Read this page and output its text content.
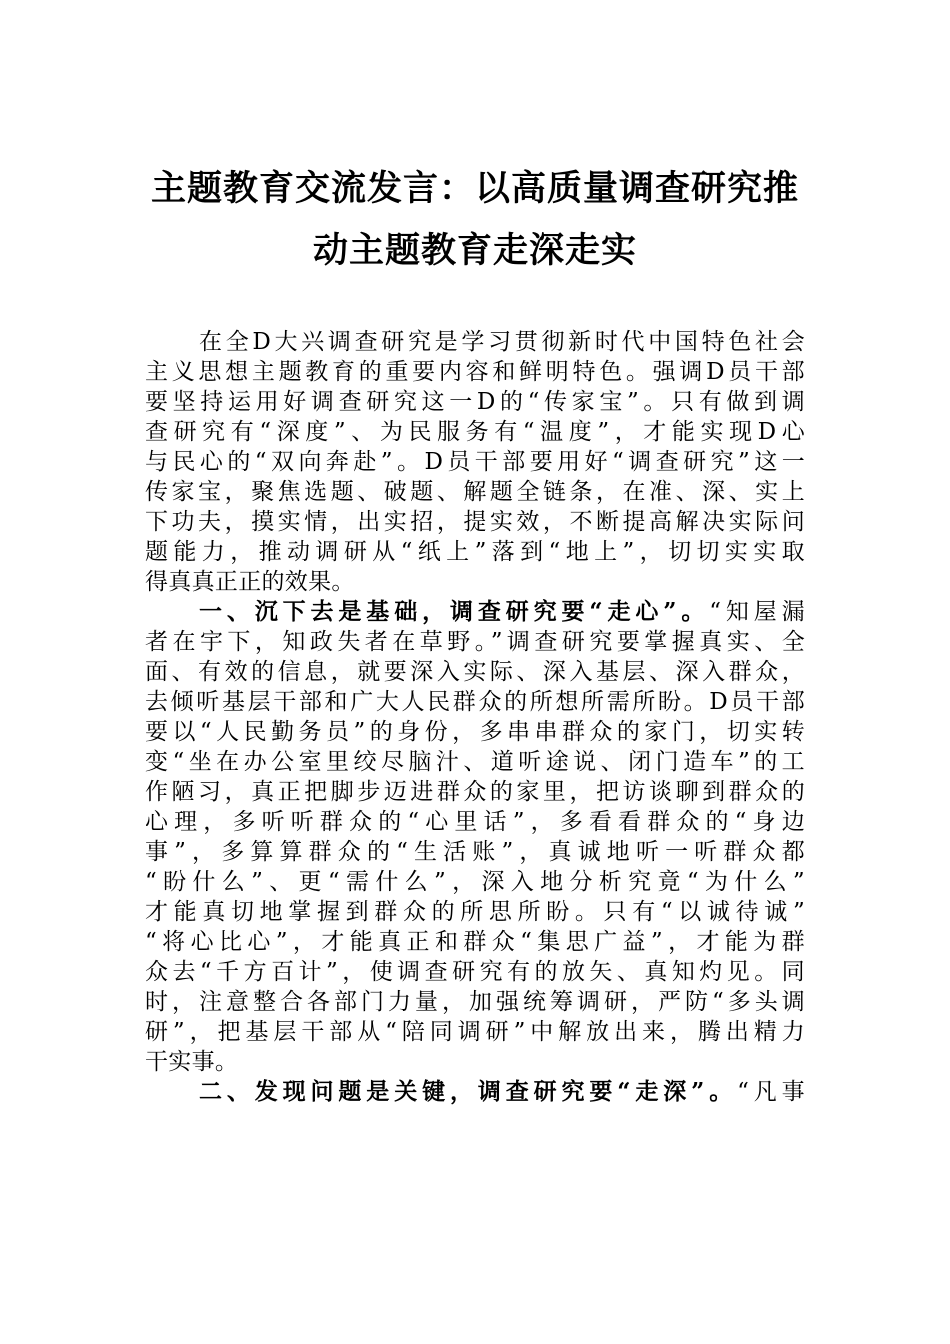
主题教育交流发言：以高质量调查研究推
动主题教育走深走实
在全D大兴调查研究是学习贯彻新时代中国特色社会
主义思想主题教育的重要内容和鲜明特色。强调D员干部
要坚持运用好调查研究这一D的“传家宝”。只有做到调
查研究有“深度”、为民服务有“温度”，才能实现D心
与民心的“双向奔赴”。D员干部要用好“调查研究”这一
传家宝，聚焦选题、破题、解题全链条，在准、深、实上
下功夫，摸实情，出实招，提实效，不断提高解决实际问
题能力，推动调研从“纸上”落到“地上”，切切实实取
得真真正正的效果。
一、沉下去是基础，调查研究要“走心”。“知屋漏
者在宇下，知政失者在草野。”调查研究要掌握真实、全
面、有效的信息，就要深入实际、深入基层、深入群众，
去倾听基层干部和广大人民群众的所想所需所盼。D员干部
要以“人民勤务员”的身份，多串串群众的家门，切实转
变“坐在办公室里绞尽脑汁、道听途说、闭门造车”的工
作陋习，真正把脚步迈进群众的家里，把访谈聊到群众的
心理，多听听群众的“心里话”，多看看群众的“身边
事”，多算算群众的“生活账”，真诚地听一听群众都
“盼什么”、更“需什么”，深入地分析究竟“为什么”
才能真切地掌握到群众的所思所盼。只有“以诚待诚”
“将心比心”，才能真正和群众“集思广益”，才能为群
众去“千方百计”，使调查研究有的放矢、真知灼见。同
时，注意整合各部门力量，加强统筹调研，严防“多头调
研”，把基层干部从“陪同调研”中解放出来，腾出精力
干实事。
二、发现问题是关键，调查研究要“走深”。“凡事
